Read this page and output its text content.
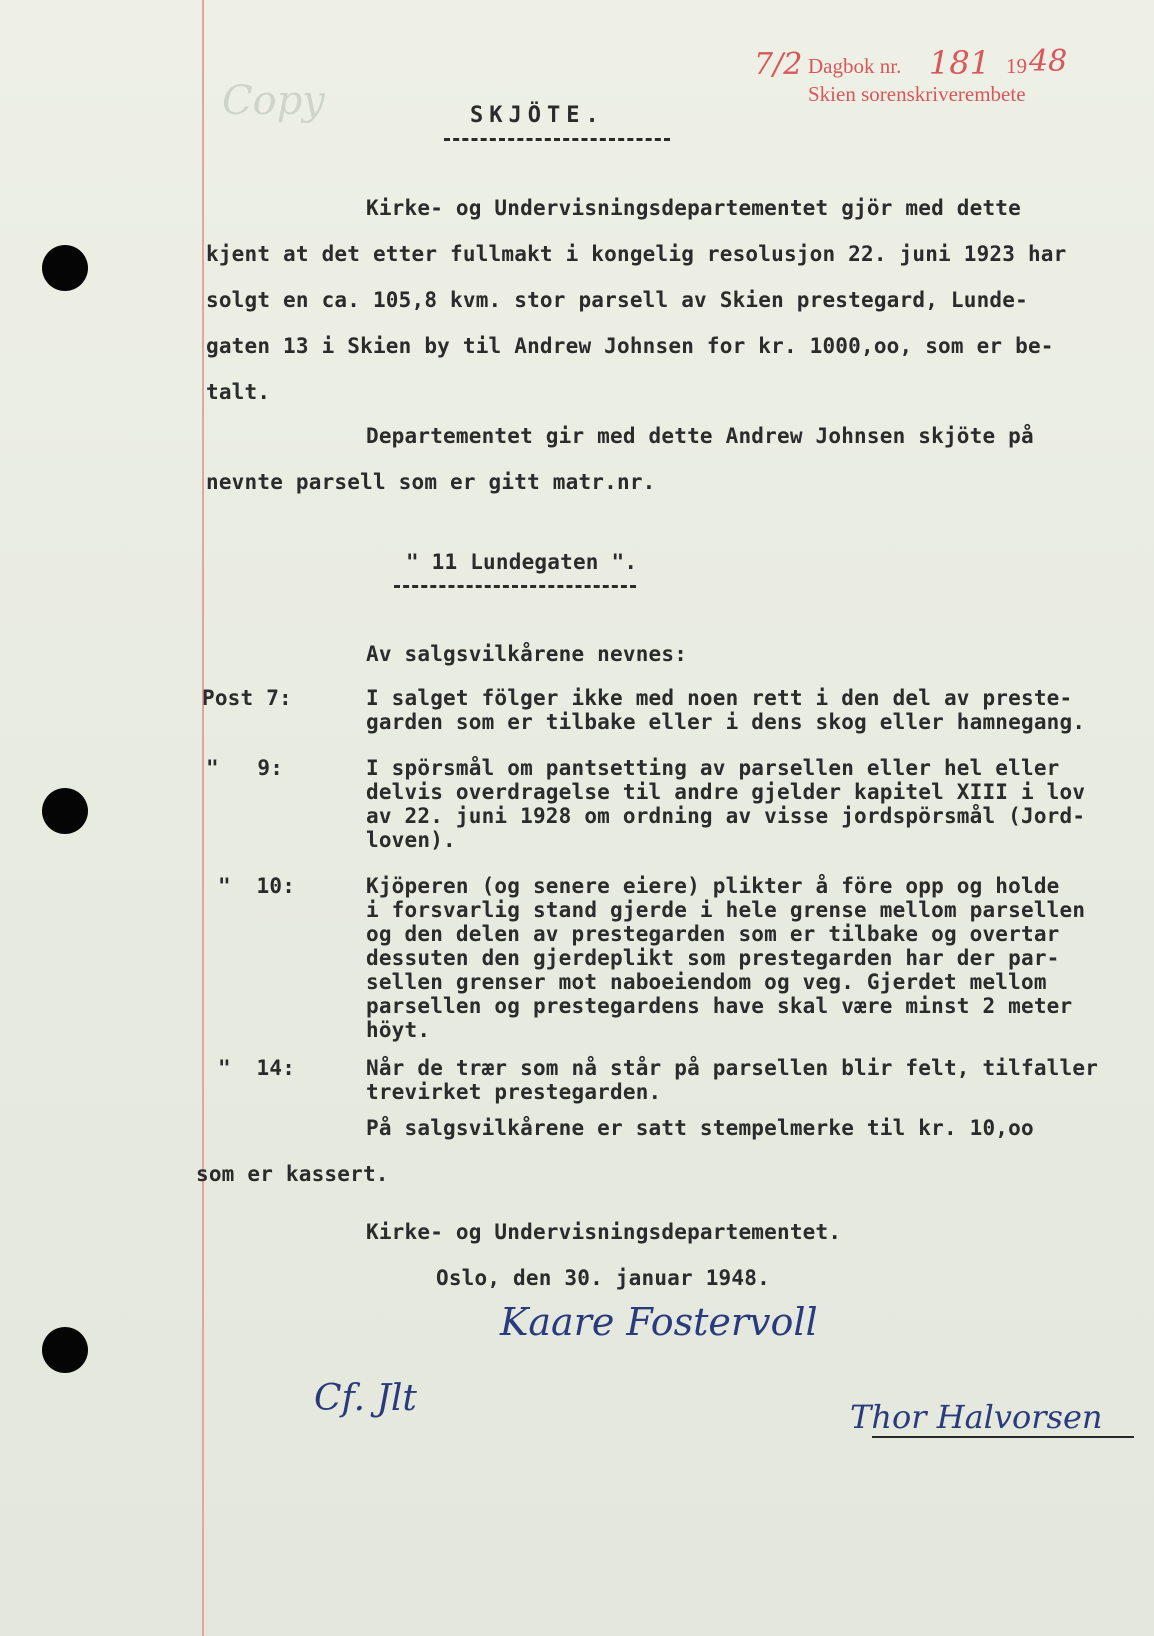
Copy
7/2 Dagbok nr. 181 19 48
Skien sorenskriverembete
SKJÖTE.
Kirke- og Undervisningsdepartementet gjör med dette
kjent at det etter fullmakt i kongelig resolusjon 22. juni 1923 har
solgt en ca. 105,8 kvm. stor parsell av Skien prestegard, Lunde-
gaten 13 i Skien by til Andrew Johnsen for kr. 1000,oo, som er be-
talt.
Departementet gir med dette Andrew Johnsen skjöte på
nevnte parsell som er gitt matr.nr.
" 11 Lundegaten ".
Av salgsvilkårene nevnes:
Post 7:	I salget fölger ikke med noen rett i den del av preste-
garden som er tilbake eller i dens skog eller hamnegang.
"   9:	I spörsmål om pantsetting av parsellen eller hel eller
delvis overdragelse til andre gjelder kapitel XIII i lov
av 22. juni 1928 om ordning av visse jordspörsmål (Jord-
loven).
"  10:	Kjöperen (og senere eiere) plikter å före opp og holde
i forsvarlig stand gjerde i hele grense mellom parsellen
og den delen av prestegarden som er tilbake og overtar
dessuten den gjerdeplikt som prestegarden har der par-
sellen grenser mot naboeiendom og veg. Gjerdet mellom
parsellen og prestegardens have skal være minst 2 meter
höyt.
"  14:	Når de trær som nå står på parsellen blir felt, tilfaller
trevirket prestegarden.
På salgsvilkårene er satt stempelmerke til kr. 10,oo
som er kassert.
Kirke- og Undervisningsdepartementet.
Oslo, den 30. januar 1948.
Kaare Fostervoll
Cf. Jlt	Thor Halvorsen
